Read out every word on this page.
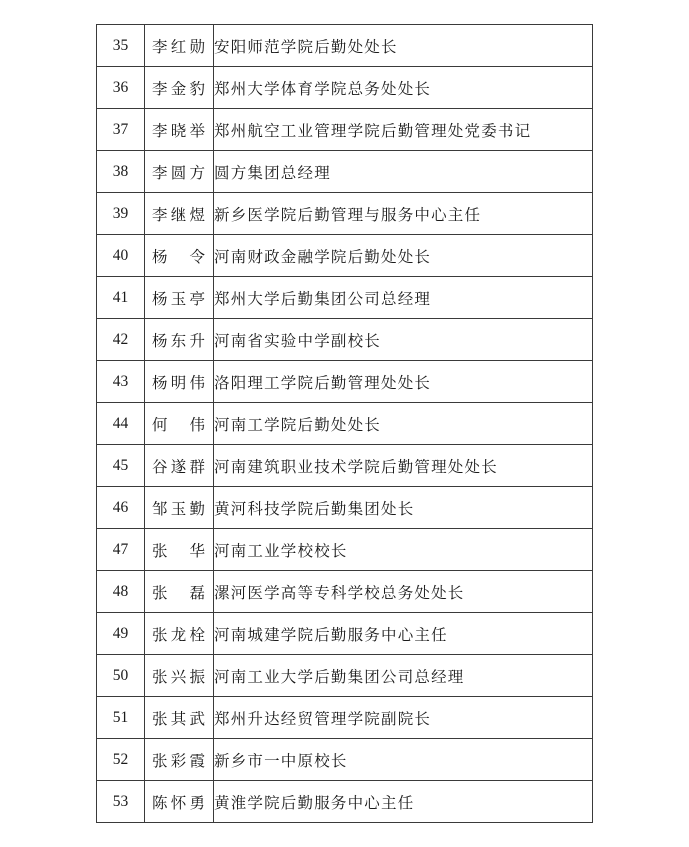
35	李红勋	安阳师范学院后勤处处长
36	李金豹	郑州大学体育学院总务处处长
37	李晓举	郑州航空工业管理学院后勤管理处党委书记
38	李圆方	圆方集团总经理
39	李继煜	新乡医学院后勤管理与服务中心主任
40	杨　令	河南财政金融学院后勤处处长
41	杨玉亭	郑州大学后勤集团公司总经理
42	杨东升	河南省实验中学副校长
43	杨明伟	洛阳理工学院后勤管理处处长
44	何　伟	河南工学院后勤处处长
45	谷遂群	河南建筑职业技术学院后勤管理处处长
46	邹玉勤	黄河科技学院后勤集团处长
47	张　华	河南工业学校校长
48	张　磊	漯河医学高等专科学校总务处处长
49	张龙栓	河南城建学院后勤服务中心主任
50	张兴振	河南工业大学后勤集团公司总经理
51	张其武	郑州升达经贸管理学院副院长
52	张彩霞	新乡市一中原校长
53	陈怀勇	黄淮学院后勤服务中心主任
